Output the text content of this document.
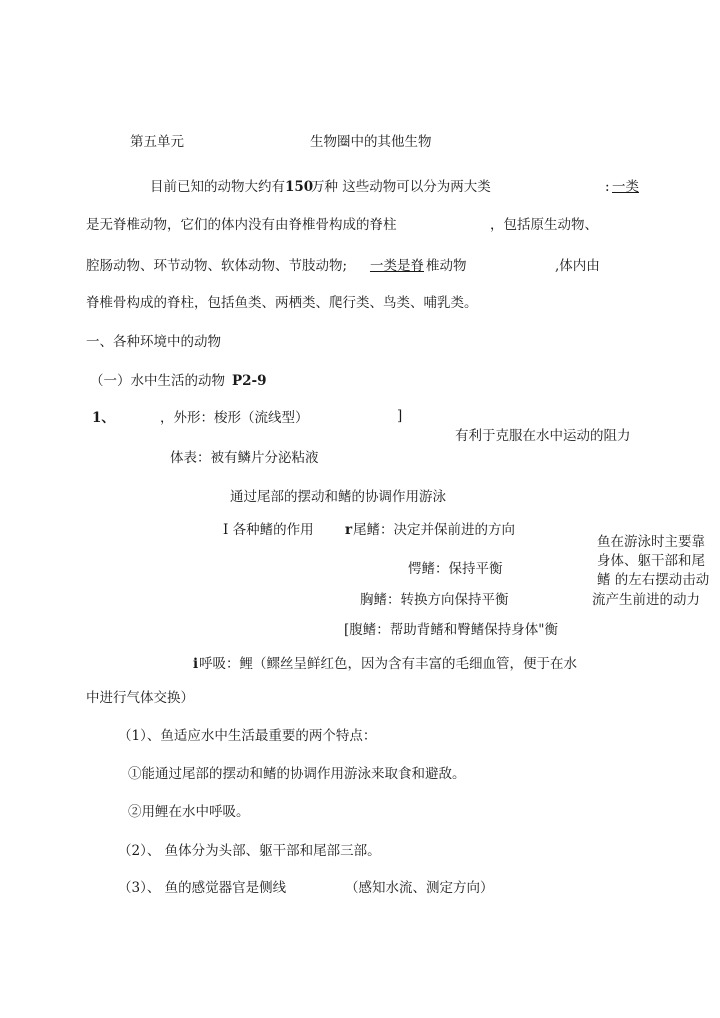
第五单元	生物圈中的其他生物
目前已知的动物大约有 150
万种 这些动物可以分为两大类	: 一类
是无脊椎动物，它们的体内没有由脊椎骨构成的脊柱	，包括原生动物、
腔肠动物、环节动物、软体动物、节肢动物; 一类是脊 椎动物	,体内由
脊椎骨构成的脊柱，包括鱼类、两栖类、爬行类、鸟类、哺乳类。
一、各种环境中的动物
（一）水中生活的动物 P2-9
1、	，外形：梭形（流线型）	]
有利于克服在水中运动的阻力
体表：被有鳞片分泌粘液
通过尾部的摆动和鳍的协调作用游泳
I 各种鳍的作用 r 尾鳍：决定并保前进的方向
愕鳍：保持平衡
胸鳍：转换方向保持平衡
[腹鳍：帮助背鳍和臀鳍保持身体"衡
鱼在游泳时主要靠
身体、躯干部和尾
鳍 的左右摆动击动
流产生前进的动力
i 呼吸：鲤（鳏丝呈鲜红色，因为含有丰富的毛细血管，便于在水
中进行气体交换）
（1）、鱼适应水中生活最重要的两个特点：
①能通过尾部的摆动和鳍的协调作用游泳来取食和避敌。
②用鲤在水中呼吸。
（2）、 鱼体分为头部、躯干部和尾部三部。
（3）、 鱼的感觉器官是侧线	（感知水流、测定方向）
